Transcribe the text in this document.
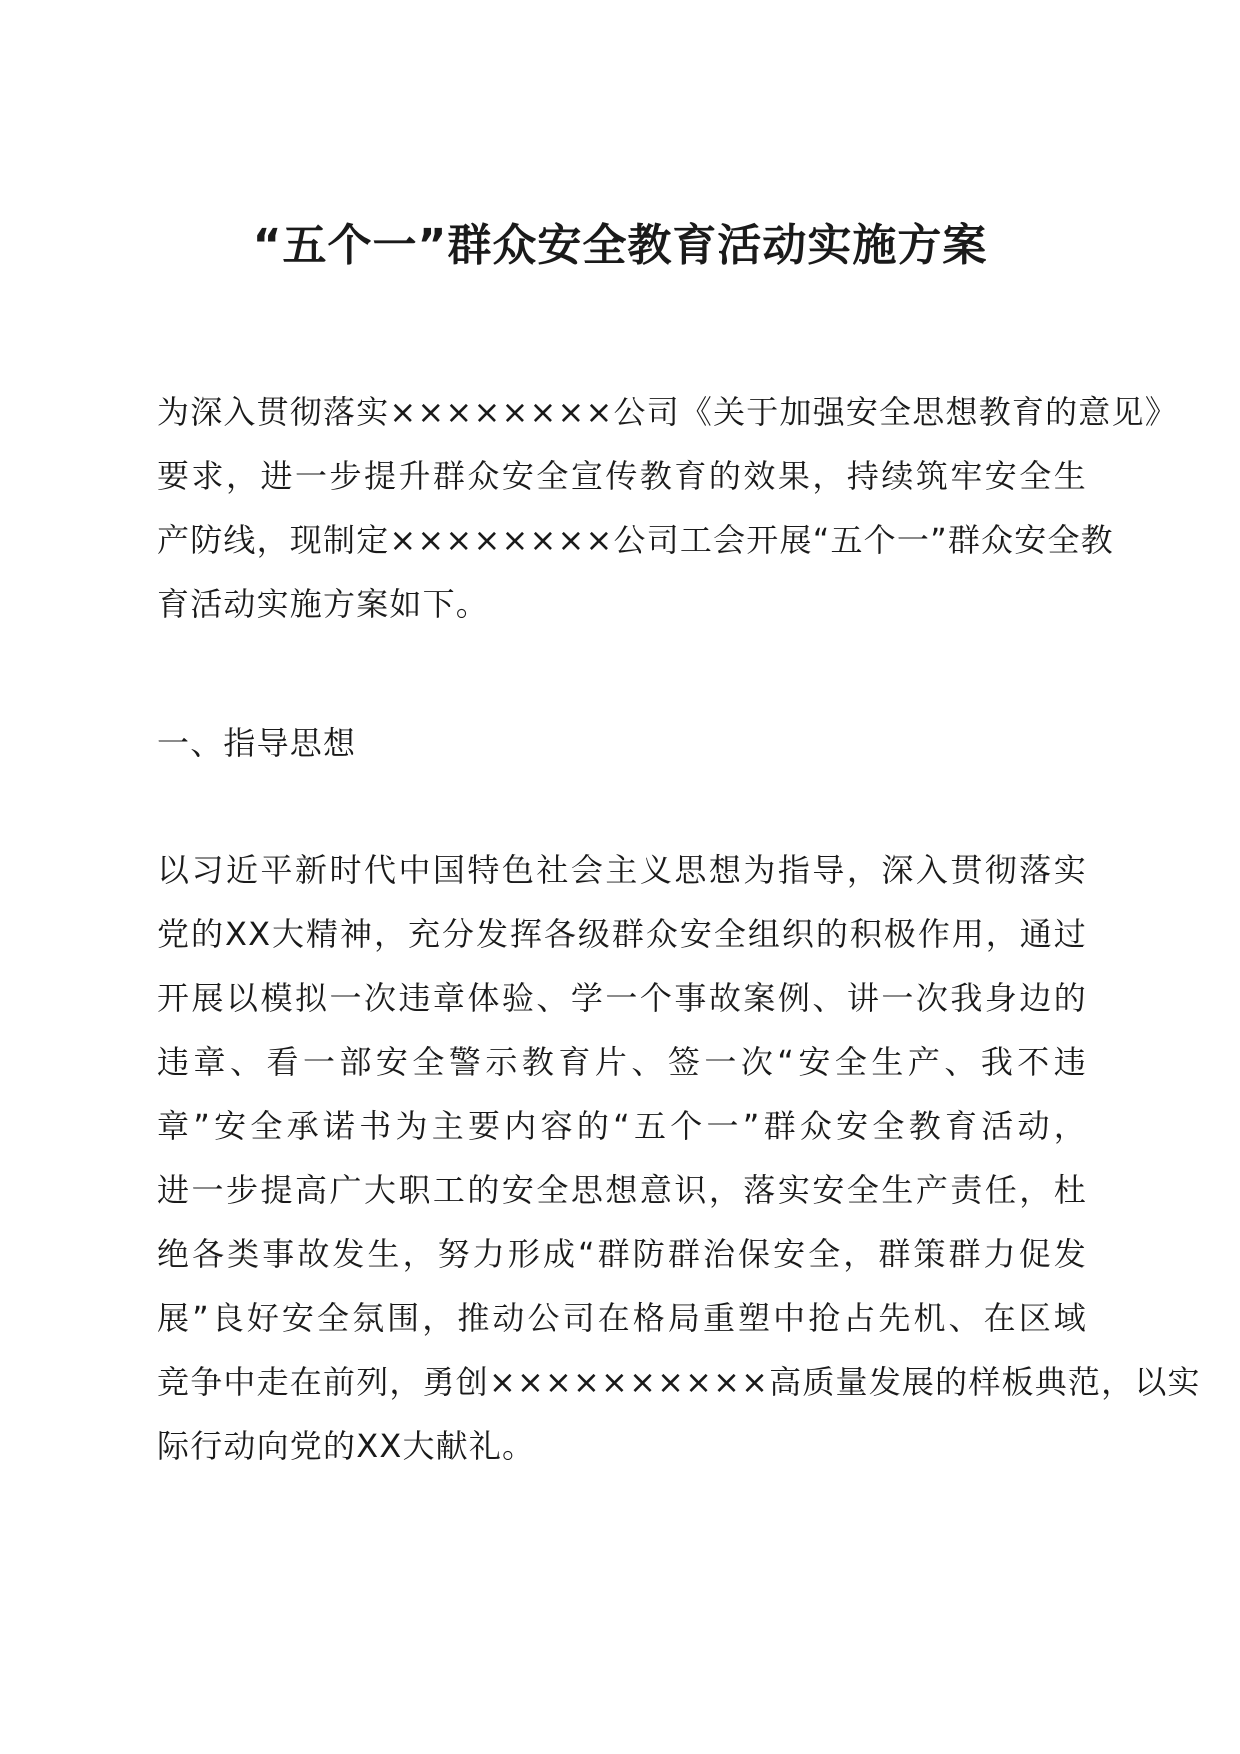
“五个一”群众安全教育活动实施方案
为深入贯彻落实××××××××公司《关于加强安全思想教育的意见》
要求，进一步提升群众安全宣传教育的效果，持续筑牢安全生
产防线，现制定××××××××公司工会开展“五个一”群众安全教
育活动实施方案如下。
一、指导思想
以习近平新时代中国特色社会主义思想为指导，深入贯彻落实
党的XX大精神，充分发挥各级群众安全组织的积极作用，通过
开展以模拟一次违章体验、学一个事故案例、讲一次我身边的
违章、看一部安全警示教育片、签一次“安全生产、我不违
章”安全承诺书为主要内容的“五个一”群众安全教育活动，
进一步提高广大职工的安全思想意识，落实安全生产责任，杜
绝各类事故发生，努力形成“群防群治保安全，群策群力促发
展”良好安全氛围，推动公司在格局重塑中抢占先机、在区域
竞争中走在前列，勇创××××××××××高质量发展的样板典范，以实
际行动向党的XX大献礼。
